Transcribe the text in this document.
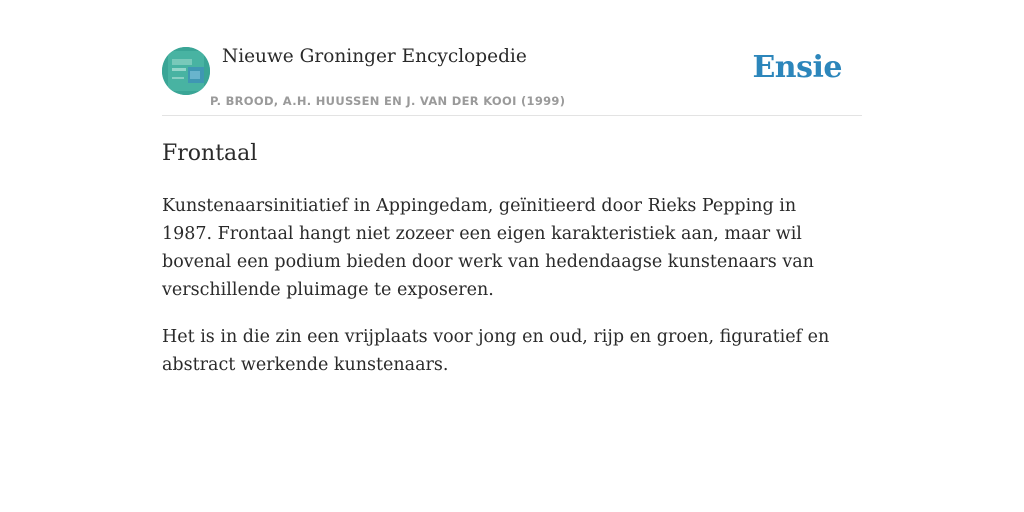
Nieuwe Groninger Encyclopedie
P. BROOD, A.H. HUUSSEN EN J. VAN DER KOOI (1999)
Ensie
Frontaal

Kunstenaarsinitiatief in Appingedam, geïnitieerd door Rieks Pepping in 1987. Frontaal hangt niet zozeer een eigen karakteristiek aan, maar wil bovenal een podium bieden door werk van hedendaagse kunstenaars van verschillende pluimage te exposeren.

Het is in die zin een vrijplaats voor jong en oud, rijp en groen, figuratief en abstract werkende kunstenaars.
